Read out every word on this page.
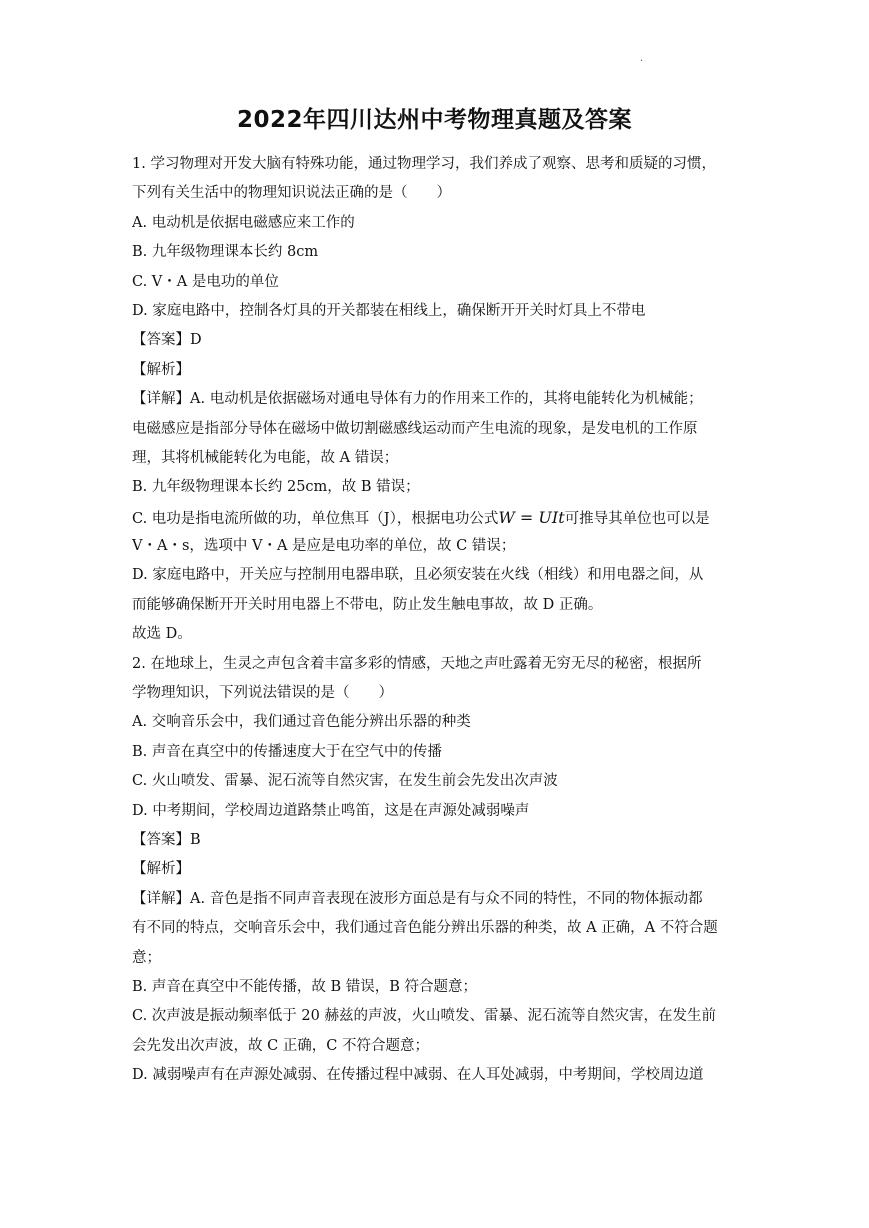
.
2022年四川达州中考物理真题及答案
1. 学习物理对开发大脑有特殊功能，通过物理学习，我们养成了观察、思考和质疑的习惯，
下列有关生活中的物理知识说法正确的是（　　）
A. 电动机是依据电磁感应来工作的
B. 九年级物理课本长约 8cm
C. V・A 是电功的单位
D. 家庭电路中，控制各灯具的开关都装在相线上，确保断开开关时灯具上不带电
【答案】D
【解析】
【详解】A. 电动机是依据磁场对通电导体有力的作用来工作的，其将电能转化为机械能；
电磁感应是指部分导体在磁场中做切割磁感线运动而产生电流的现象，是发电机的工作原
理，其将机械能转化为电能，故 A 错误；
B. 九年级物理课本长约 25cm，故 B 错误；
C. 电功是指电流所做的功，单位焦耳（J），根据电功公式W = UIt可推导其单位也可以是
V・A・s，选项中 V・A 是应是电功率的单位，故 C 错误；
D. 家庭电路中，开关应与控制用电器串联，且必须安装在火线（相线）和用电器之间，从
而能够确保断开开关时用电器上不带电，防止发生触电事故，故 D 正确。
故选 D。
2. 在地球上，生灵之声包含着丰富多彩的情感，天地之声吐露着无穷无尽的秘密，根据所
学物理知识，下列说法错误的是（　　）
A. 交响音乐会中，我们通过音色能分辨出乐器的种类
B. 声音在真空中的传播速度大于在空气中的传播
C. 火山喷发、雷暴、泥石流等自然灾害，在发生前会先发出次声波
D. 中考期间，学校周边道路禁止鸣笛，这是在声源处减弱噪声
【答案】B
【解析】
【详解】A. 音色是指不同声音表现在波形方面总是有与众不同的特性，不同的物体振动都
有不同的特点，交响音乐会中，我们通过音色能分辨出乐器的种类，故 A 正确，A 不符合题
意；
B. 声音在真空中不能传播，故 B 错误，B 符合题意；
C. 次声波是振动频率低于 20 赫兹的声波，火山喷发、雷暴、泥石流等自然灾害，在发生前
会先发出次声波，故 C 正确，C 不符合题意；
D. 减弱噪声有在声源处减弱、在传播过程中减弱、在人耳处减弱，中考期间，学校周边道
